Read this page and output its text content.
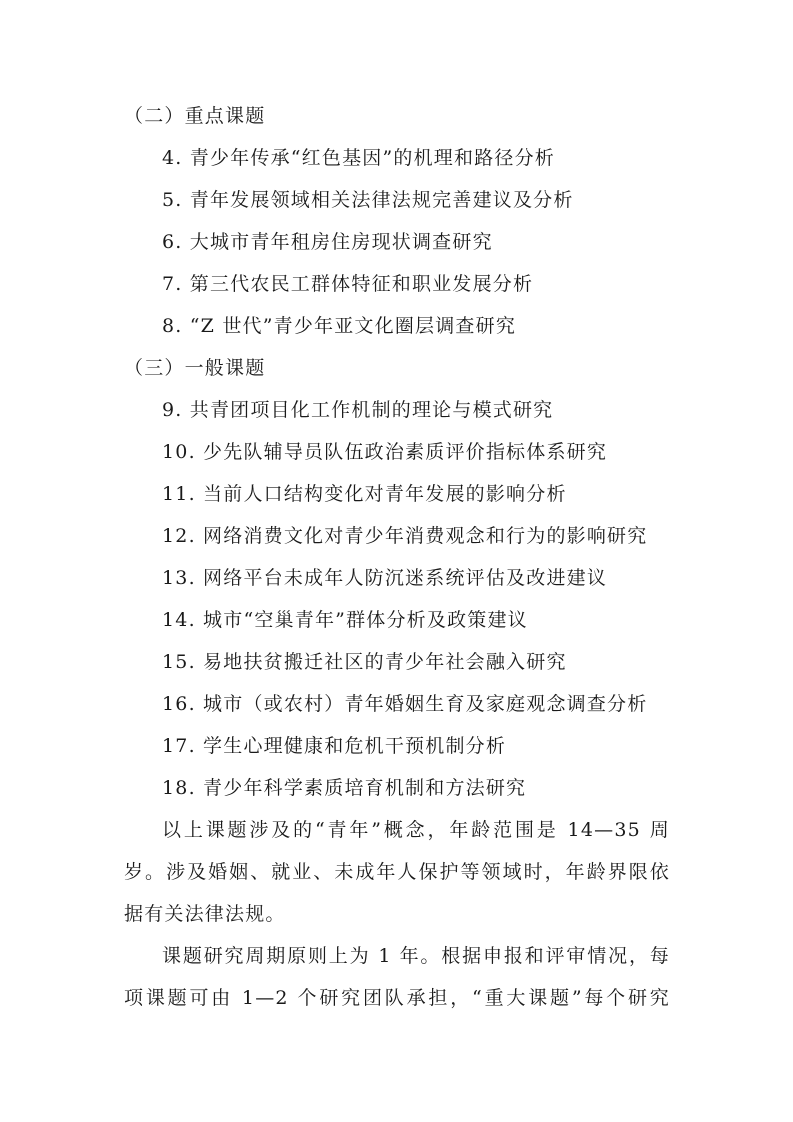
（二）重点课题
4. 青少年传承“红色基因”的机理和路径分析
5. 青年发展领域相关法律法规完善建议及分析
6. 大城市青年租房住房现状调查研究
7. 第三代农民工群体特征和职业发展分析
8. “Z 世代”青少年亚文化圈层调查研究
（三）一般课题
9. 共青团项目化工作机制的理论与模式研究
10. 少先队辅导员队伍政治素质评价指标体系研究
11. 当前人口结构变化对青年发展的影响分析
12. 网络消费文化对青少年消费观念和行为的影响研究
13. 网络平台未成年人防沉迷系统评估及改进建议
14. 城市“空巢青年”群体分析及政策建议
15. 易地扶贫搬迁社区的青少年社会融入研究
16. 城市（或农村）青年婚姻生育及家庭观念调查分析
17. 学生心理健康和危机干预机制分析
18. 青少年科学素质培育机制和方法研究
以上课题涉及的“青年”概念，年龄范围是 14—35 周
岁。涉及婚姻、就业、未成年人保护等领域时，年龄界限依
据有关法律法规。
课题研究周期原则上为 1 年。根据申报和评审情况，每
项课题可由 1—2 个研究团队承担，“重大课题”每个研究
